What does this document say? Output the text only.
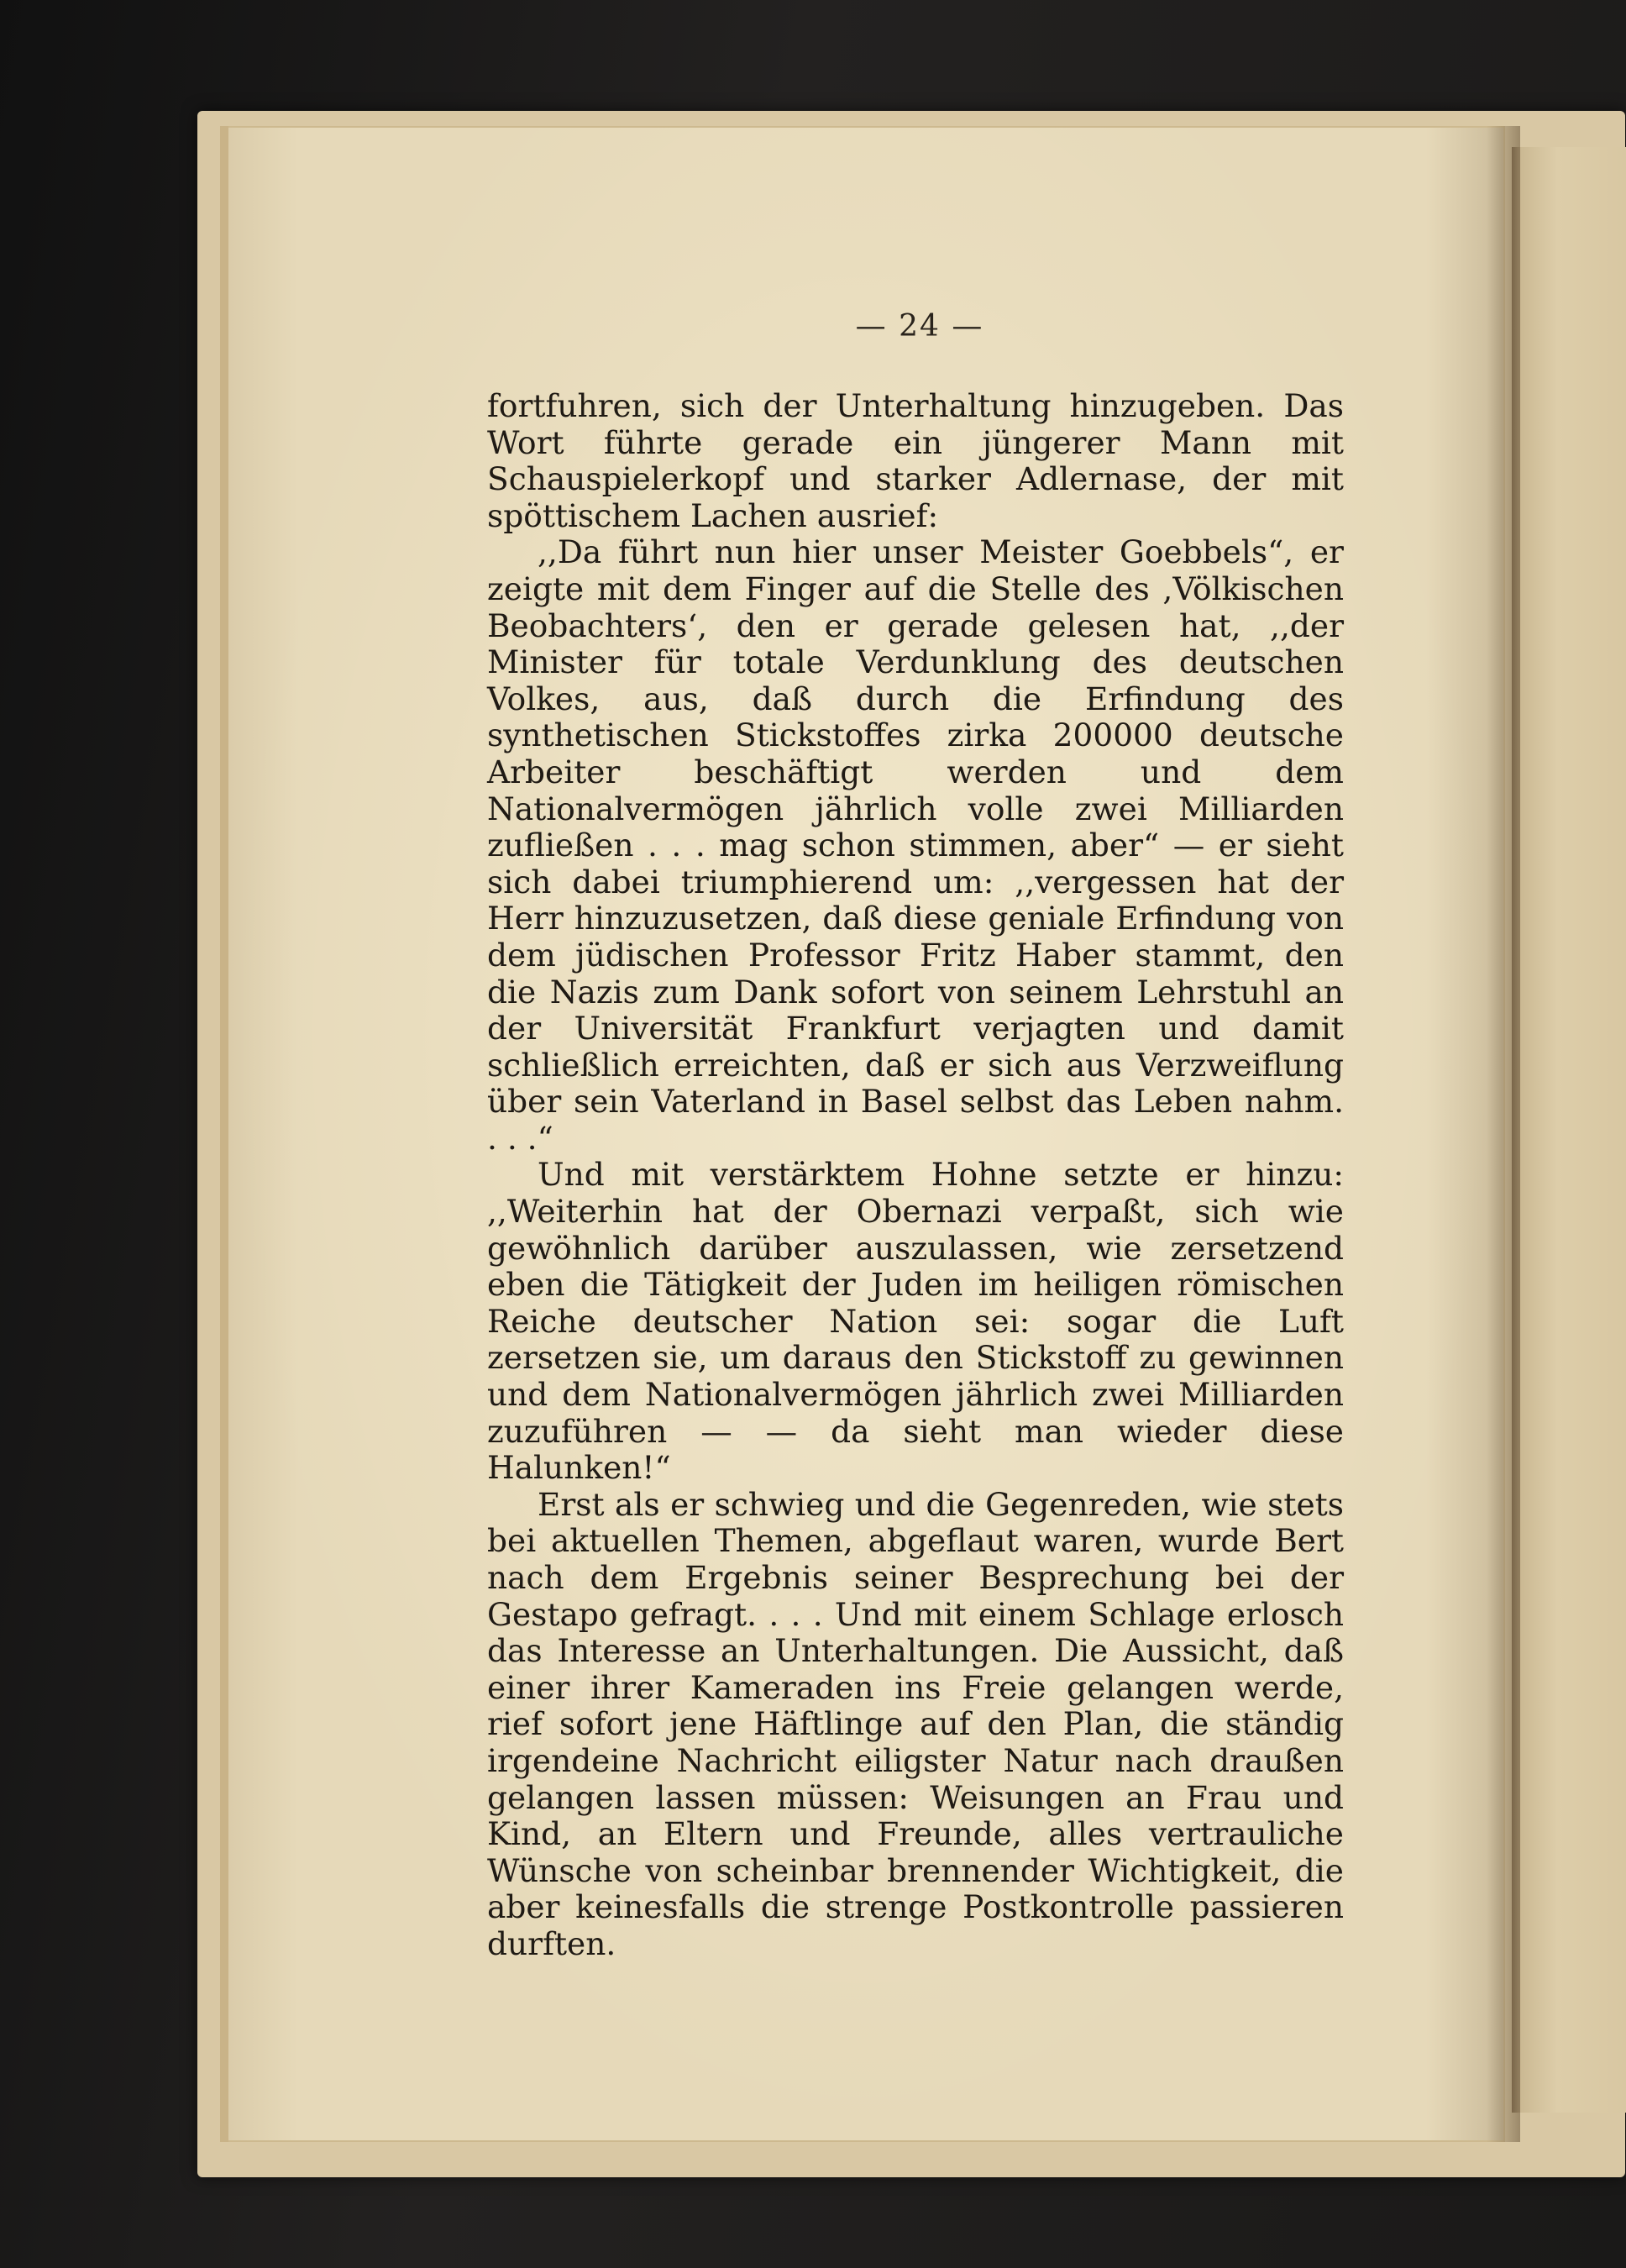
— 24 —

fortfuhren, sich der Unterhaltung hinzugeben. Das Wort führte gerade ein jüngerer Mann mit Schauspielerkopf und starker Adlernase, der mit spöttischem Lachen ausrief:

,,Da führt nun hier unser Meister Goebbels“, er zeigte mit dem Finger auf die Stelle des ,Völkischen Beobachters‘, den er gerade gelesen hat, ,,der Minister für totale Verdunklung des deutschen Volkes, aus, daß durch die Erfindung des synthetischen Stickstoffes zirka 200000 deutsche Arbeiter beschäftigt werden und dem Nationalvermögen jährlich volle zwei Milliarden zufließen . . . mag schon stimmen, aber“ — er sieht sich dabei triumphierend um: ,,vergessen hat der Herr hinzuzusetzen, daß diese geniale Erfindung von dem jüdischen Professor Fritz Haber stammt, den die Nazis zum Dank sofort von seinem Lehrstuhl an der Universität Frankfurt verjagten und damit schließlich erreichten, daß er sich aus Verzweiflung über sein Vaterland in Basel selbst das Leben nahm. . . .“

Und mit verstärktem Hohne setzte er hinzu: ,,Weiterhin hat der Obernazi verpaßt, sich wie gewöhnlich darüber auszulassen, wie zersetzend eben die Tätigkeit der Juden im heiligen römischen Reiche deutscher Nation sei: sogar die Luft zersetzen sie, um daraus den Stickstoff zu gewinnen und dem Nationalvermögen jährlich zwei Milliarden zuzuführen — — da sieht man wieder diese Halunken!“

Erst als er schwieg und die Gegenreden, wie stets bei aktuellen Themen, abgeflaut waren, wurde Bert nach dem Ergebnis seiner Besprechung bei der Gestapo gefragt. . . . Und mit einem Schlage erlosch das Interesse an Unterhaltungen. Die Aussicht, daß einer ihrer Kameraden ins Freie gelangen werde, rief sofort jene Häftlinge auf den Plan, die ständig irgendeine Nachricht eiligster Natur nach draußen gelangen lassen müssen: Weisungen an Frau und Kind, an Eltern und Freunde, alles vertrauliche Wünsche von scheinbar brennender Wichtigkeit, die aber keinesfalls die strenge Postkontrolle passieren durften.
